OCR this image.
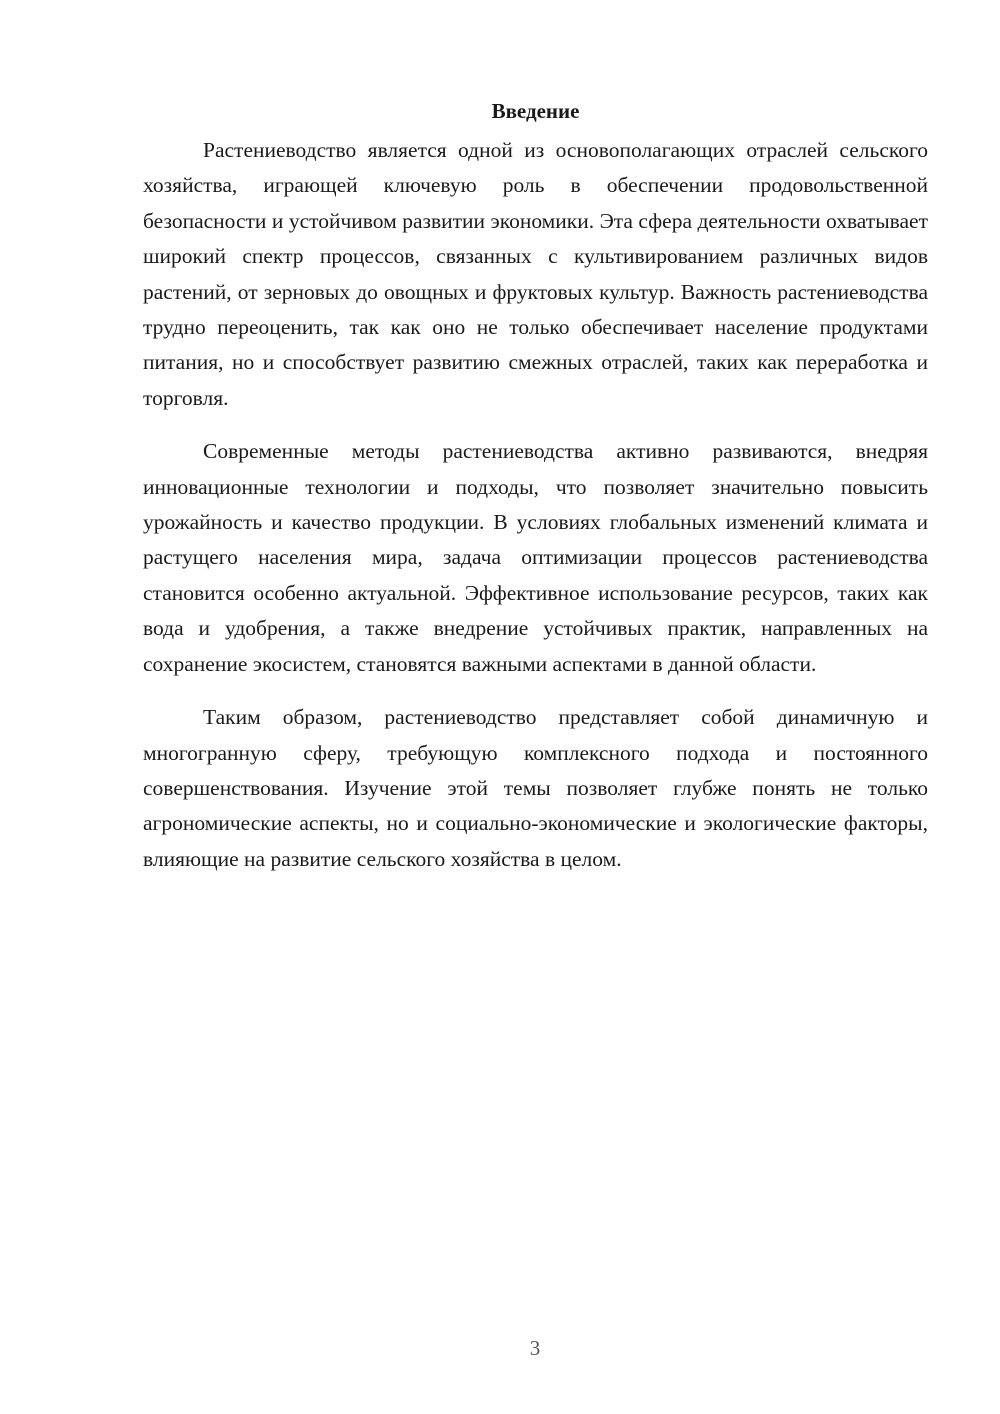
Введение

Растениеводство является одной из основополагающих отраслей сельского хозяйства, играющей ключевую роль в обеспечении продовольственной безопасности и устойчивом развитии экономики. Эта сфера деятельности охватывает широкий спектр процессов, связанных с культивированием различных видов растений, от зерновых до овощных и фруктовых культур. Важность растениеводства трудно переоценить, так как оно не только обеспечивает население продуктами питания, но и способствует развитию смежных отраслей, таких как переработка и торговля.

Современные методы растениеводства активно развиваются, внедряя инновационные технологии и подходы, что позволяет значительно повысить урожайность и качество продукции. В условиях глобальных изменений климата и растущего населения мира, задача оптимизации процессов растениеводства становится особенно актуальной. Эффективное использование ресурсов, таких как вода и удобрения, а также внедрение устойчивых практик, направленных на сохранение экосистем, становятся важными аспектами в данной области.

Таким образом, растениеводство представляет собой динамичную и многогранную сферу, требующую комплексного подхода и постоянного совершенствования. Изучение этой темы позволяет глубже понять не только агрономические аспекты, но и социально-экономические и экологические факторы, влияющие на развитие сельского хозяйства в целом.

3
